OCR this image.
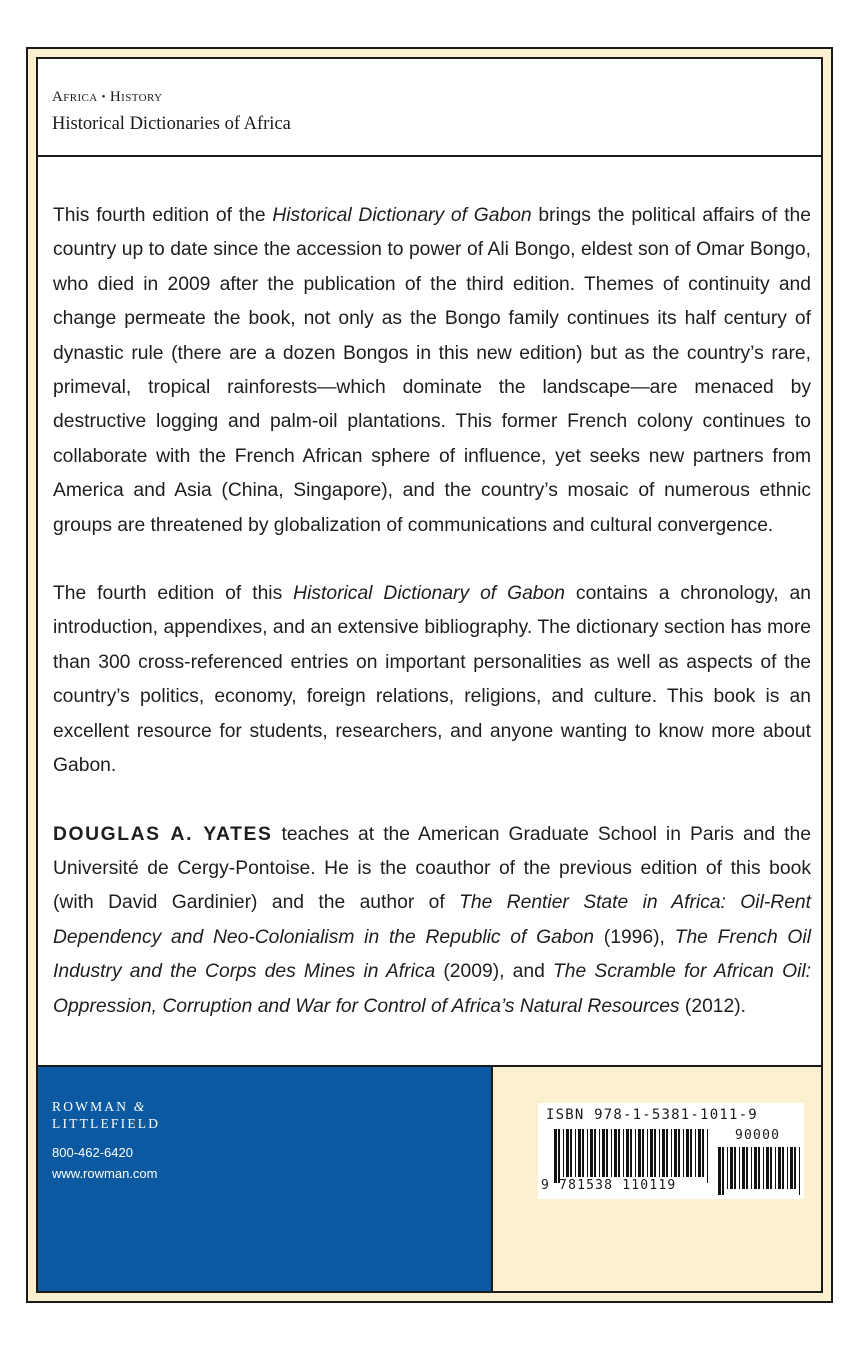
Africa • History
Historical Dictionaries of Africa

This fourth edition of the Historical Dictionary of Gabon brings the political affairs of the country up to date since the accession to power of Ali Bongo, eldest son of Omar Bongo, who died in 2009 after the publication of the third edition. Themes of continuity and change permeate the book, not only as the Bongo family continues its half century of dynastic rule (there are a dozen Bongos in this new edition) but as the country’s rare, primeval, tropical rainforests—which dominate the landscape—are menaced by destructive logging and palm-oil plantations. This former French colony continues to collaborate with the French African sphere of influence, yet seeks new partners from America and Asia (China, Singapore), and the country’s mosaic of numerous ethnic groups are threatened by globalization of communications and cultural convergence.

The fourth edition of this Historical Dictionary of Gabon contains a chronology, an introduction, appendixes, and an extensive bibliography. The dictionary section has more than 300 cross-referenced entries on important personalities as well as aspects of the country’s politics, economy, foreign relations, religions, and culture. This book is an excellent resource for students, researchers, and anyone wanting to know more about Gabon.

DOUGLAS A. YATES teaches at the American Graduate School in Paris and the Université de Cergy-Pontoise. He is the coauthor of the previous edition of this book (with David Gardinier) and the author of The Rentier State in Africa: Oil-Rent Dependency and Neo-Colonialism in the Republic of Gabon (1996), The French Oil Industry and the Corps des Mines in Africa (2009), and The Scramble for African Oil: Oppression, Corruption and War for Control of Africa’s Natural Resources (2012).

ROWMAN &
LITTLEFIELD
800-462-6420
www.rowman.com
ISBN 978-1-5381-1011-9
90000
9 781538 110119
